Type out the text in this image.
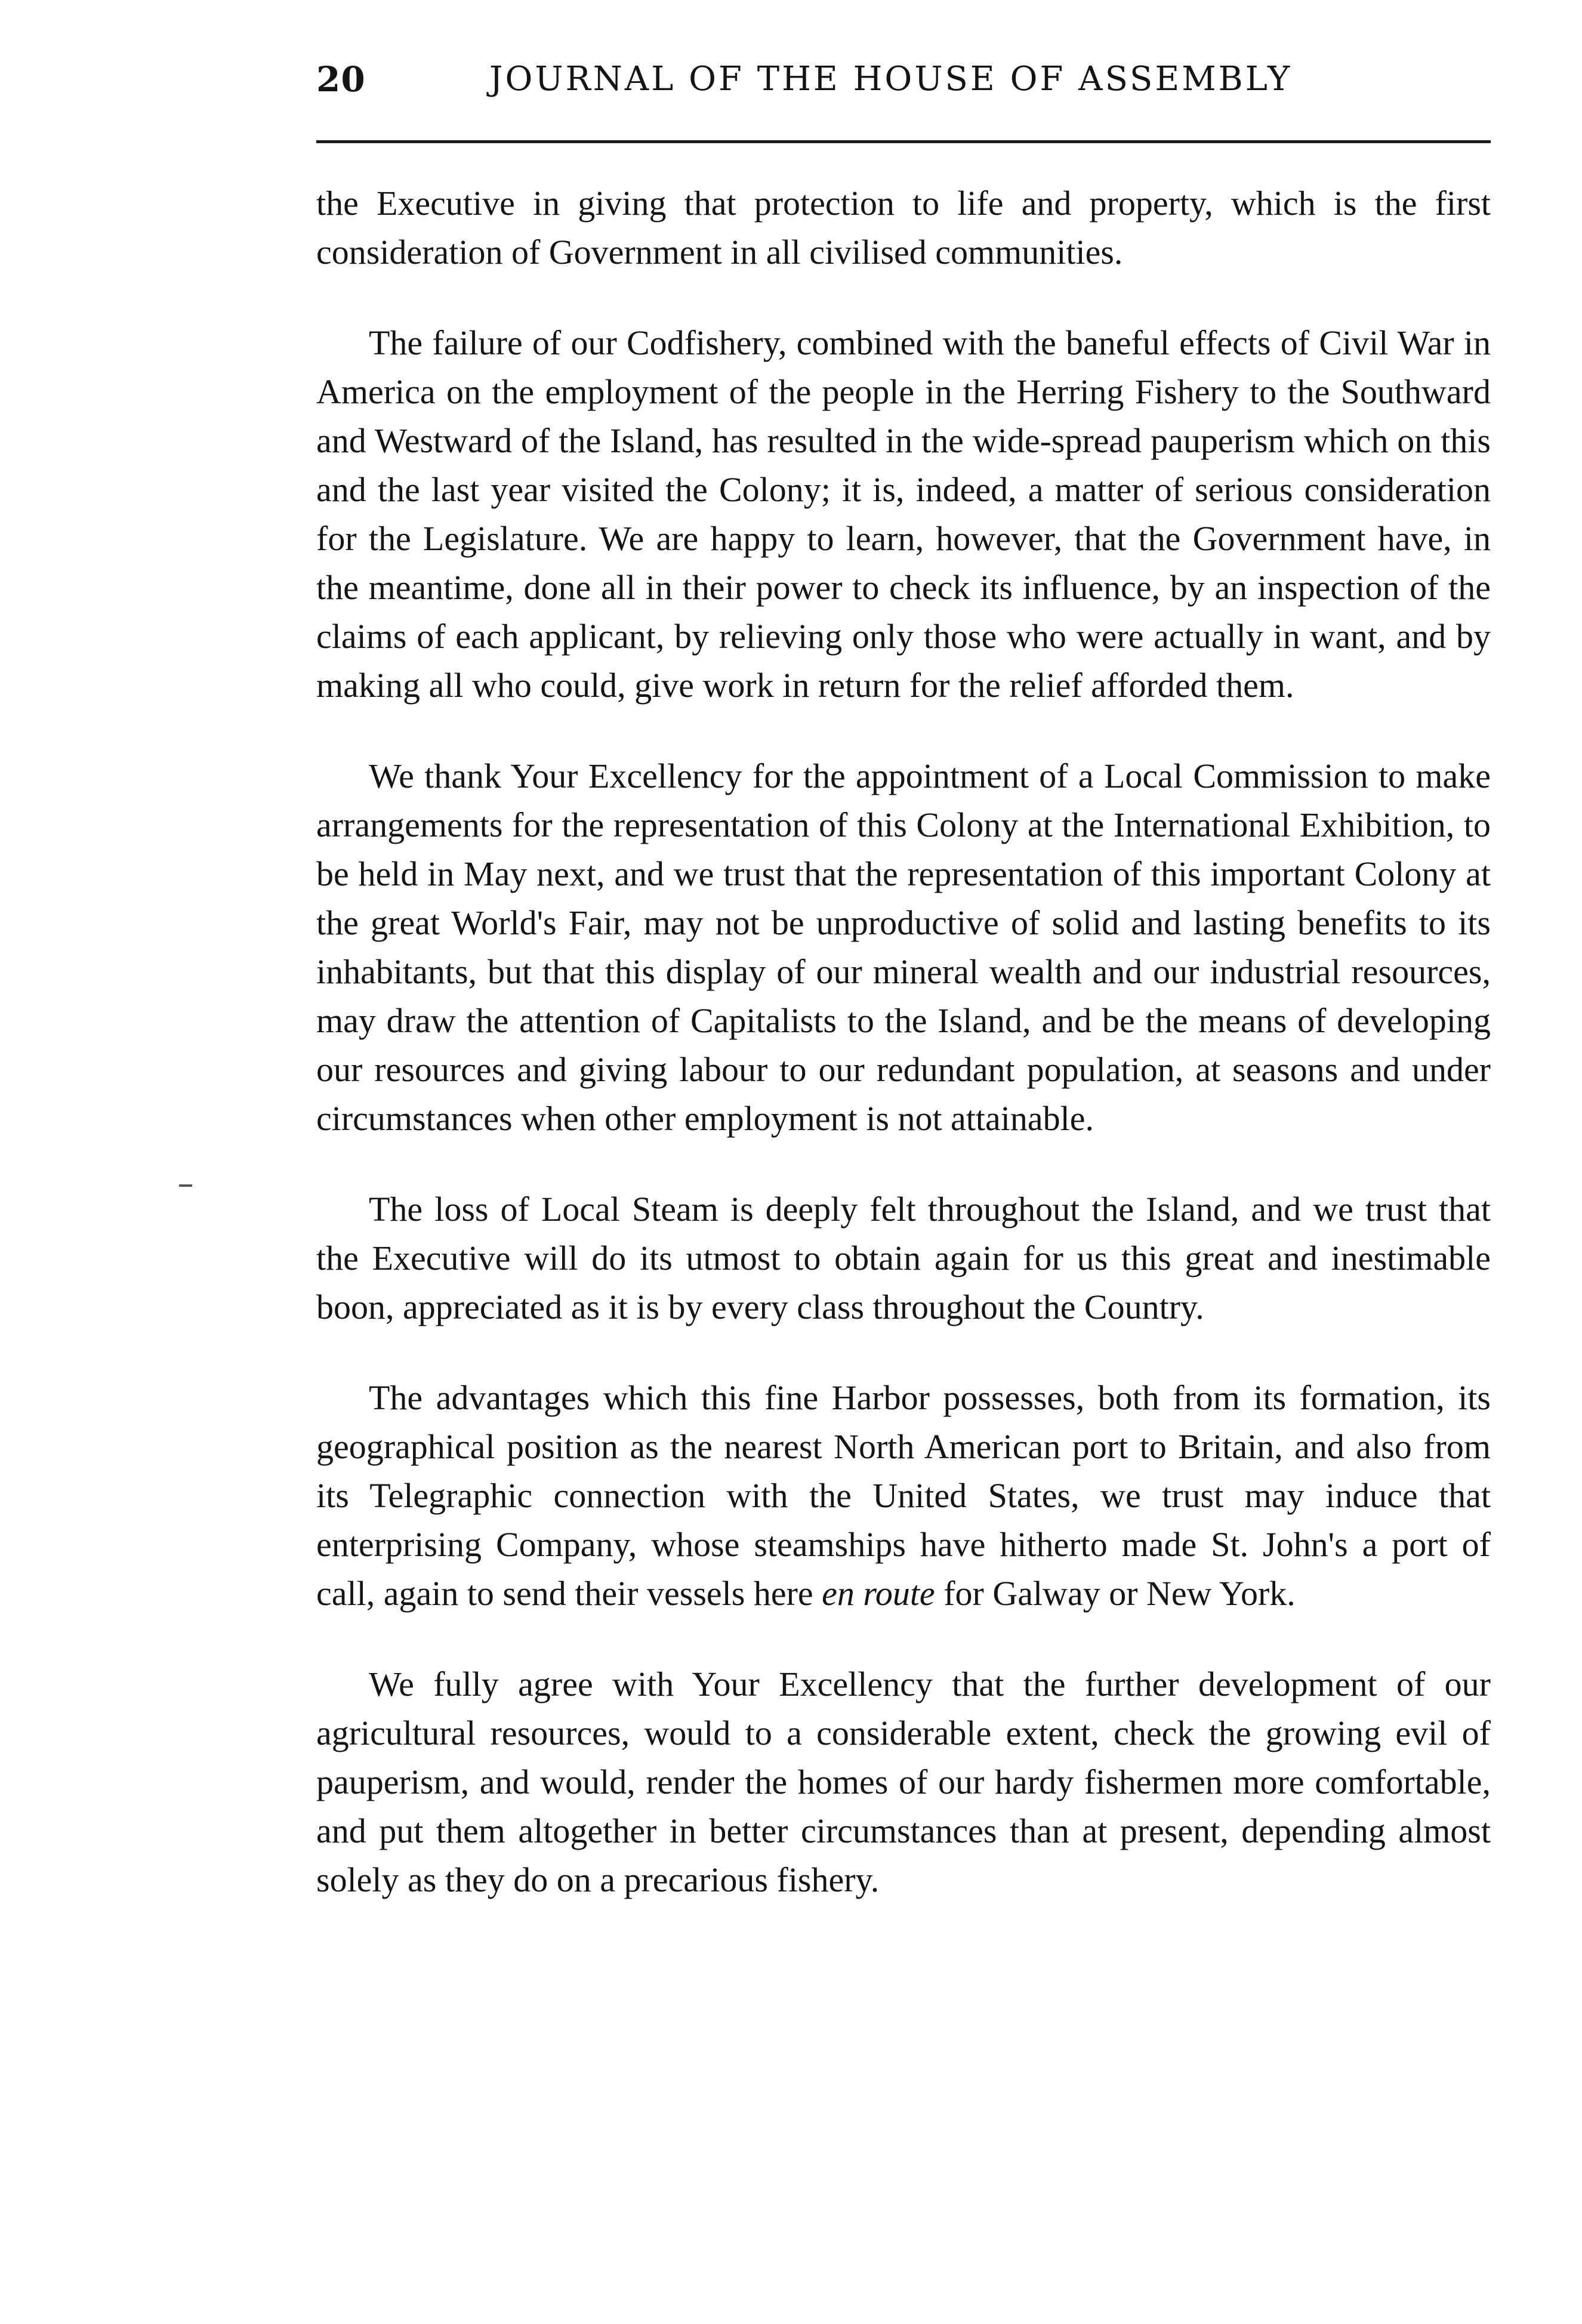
20	JOURNAL OF THE HOUSE OF ASSEMBLY

the Executive in giving that protection to life and property, which is the first consideration of Government in all civilised communities.

The failure of our Codfishery, combined with the baneful effects of Civil War in America on the employment of the people in the Herring Fishery to the Southward and Westward of the Island, has resulted in the wide-spread pauperism which on this and the last year visited the Colony; it is, indeed, a matter of serious consideration for the Legislature. We are happy to learn, however, that the Government have, in the meantime, done all in their power to check its influence, by an inspection of the claims of each applicant, by relieving only those who were actually in want, and by making all who could, give work in return for the relief afforded them.

We thank Your Excellency for the appointment of a Local Commission to make arrangements for the representation of this Colony at the International Exhibition, to be held in May next, and we trust that the representation of this important Colony at the great World's Fair, may not be unproductive of solid and lasting benefits to its inhabitants, but that this display of our mineral wealth and our industrial resources, may draw the attention of Capitalists to the Island, and be the means of developing our resources and giving labour to our redundant population, at seasons and under circumstances when other employment is not attainable.

The loss of Local Steam is deeply felt throughout the Island, and we trust that the Executive will do its utmost to obtain again for us this great and inestimable boon, appreciated as it is by every class throughout the Country.

The advantages which this fine Harbor possesses, both from its formation, its geographical position as the nearest North American port to Britain, and also from its Telegraphic connection with the United States, we trust may induce that enterprising Company, whose steamships have hitherto made St. John's a port of call, again to send their vessels here en route for Galway or New York.

We fully agree with Your Excellency that the further development of our agricultural resources, would to a considerable extent, check the growing evil of pauperism, and would, render the homes of our hardy fishermen more comfortable, and put them altogether in better circumstances than at present, depending almost solely as they do on a precarious fishery.
